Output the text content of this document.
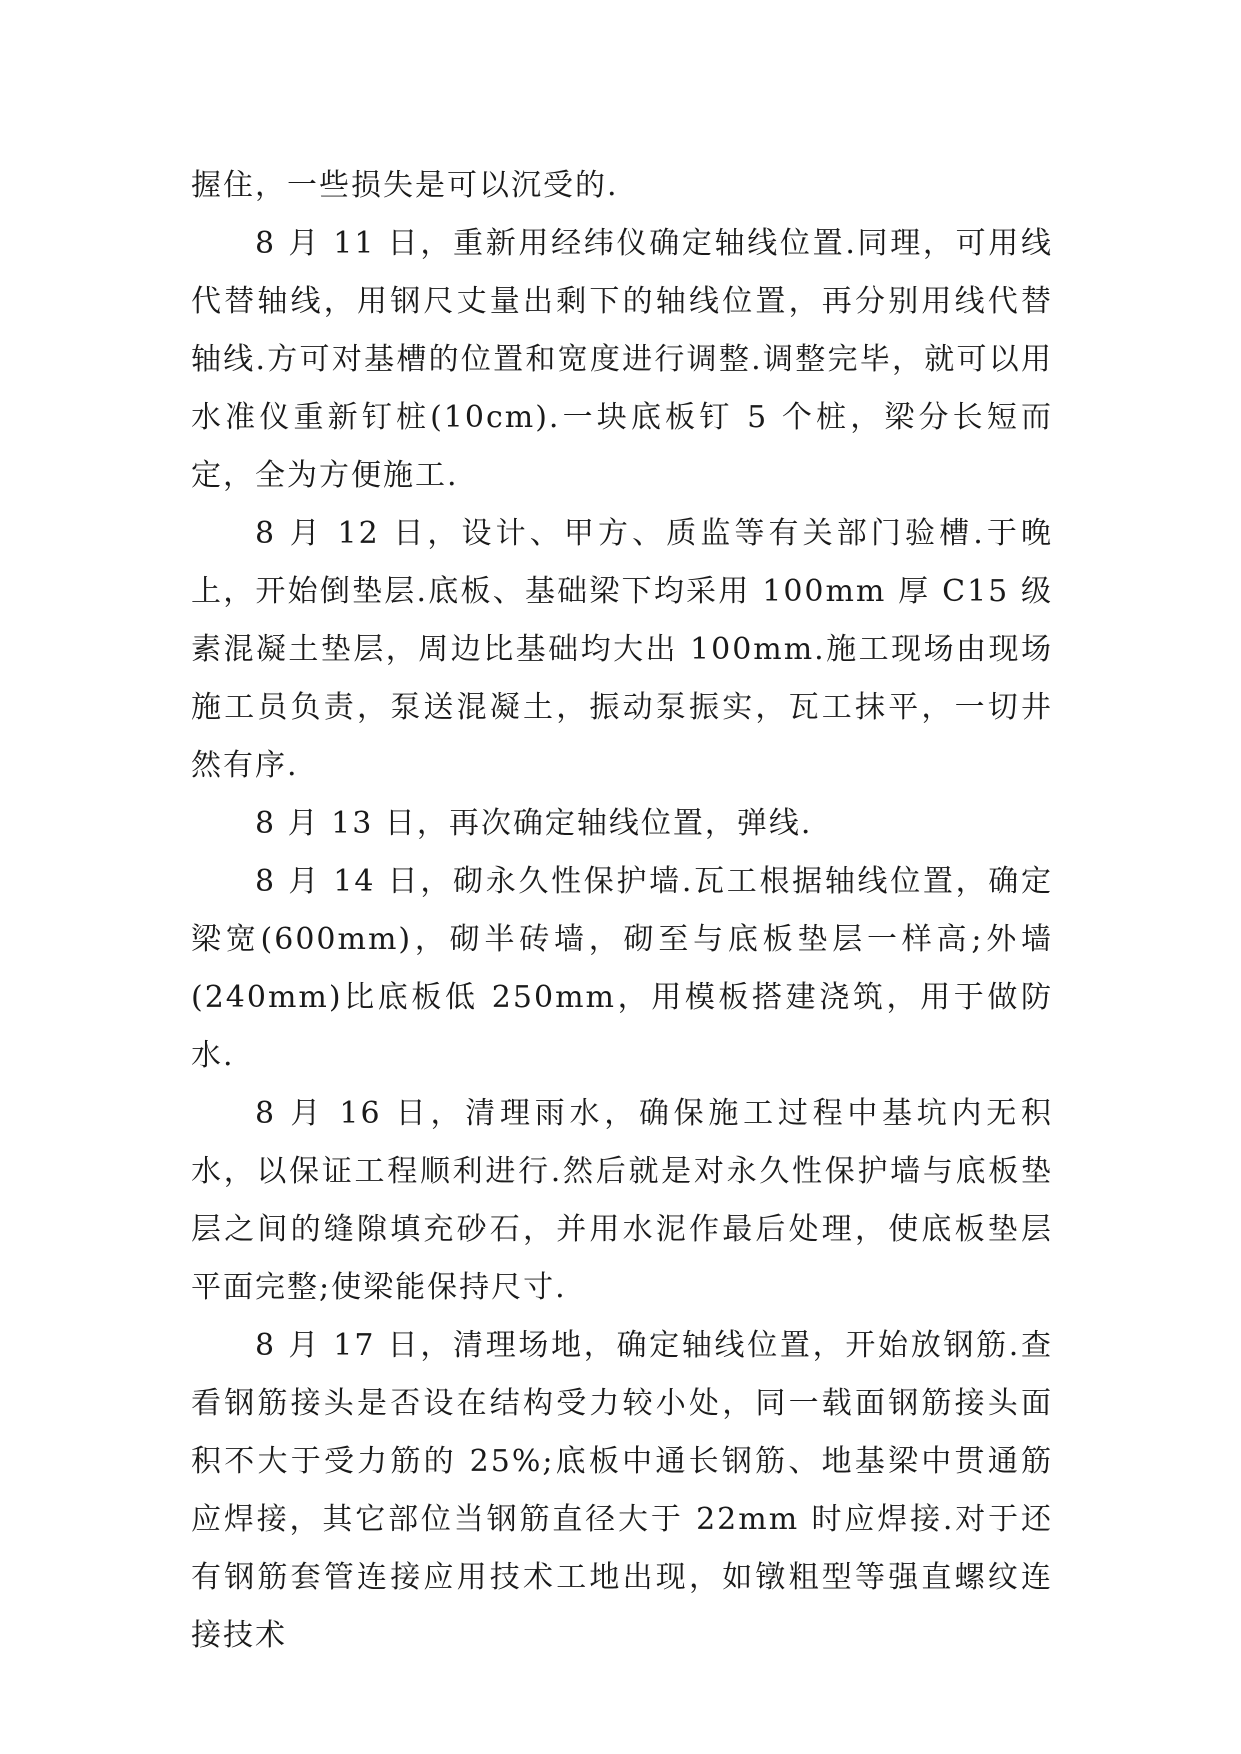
握住，一些损失是可以沉受的.

8 月 11 日，重新用经纬仪确定轴线位置.同理，可用线代替轴线，用钢尺丈量出剩下的轴线位置，再分别用线代替轴线.方可对基槽的位置和宽度进行调整.调整完毕，就可以用水准仪重新钉桩(10cm).一块底板钉 5 个桩，梁分长短而定，全为方便施工.

8 月 12 日，设计、甲方、质监等有关部门验槽.于晚上，开始倒垫层.底板、基础梁下均采用 100mm 厚 C15 级素混凝土垫层，周边比基础均大出 100mm.施工现场由现场施工员负责，泵送混凝土，振动泵振实，瓦工抹平，一切井然有序.

8 月 13 日，再次确定轴线位置，弹线.

8 月 14 日，砌永久性保护墙.瓦工根据轴线位置，确定梁宽(600mm)，砌半砖墙，砌至与底板垫层一样高;外墙(240mm)比底板低 250mm，用模板搭建浇筑，用于做防水.

8 月 16 日，清理雨水，确保施工过程中基坑内无积水，以保证工程顺利进行.然后就是对永久性保护墙与底板垫层之间的缝隙填充砂石，并用水泥作最后处理，使底板垫层平面完整;使梁能保持尺寸.

8 月 17 日，清理场地，确定轴线位置，开始放钢筋.查看钢筋接头是否设在结构受力较小处，同一载面钢筋接头面积不大于受力筋的 25%;底板中通长钢筋、地基梁中贯通筋应焊接，其它部位当钢筋直径大于 22mm 时应焊接.对于还有钢筋套管连接应用技术工地出现，如镦粗型等强直螺纹连接技术
